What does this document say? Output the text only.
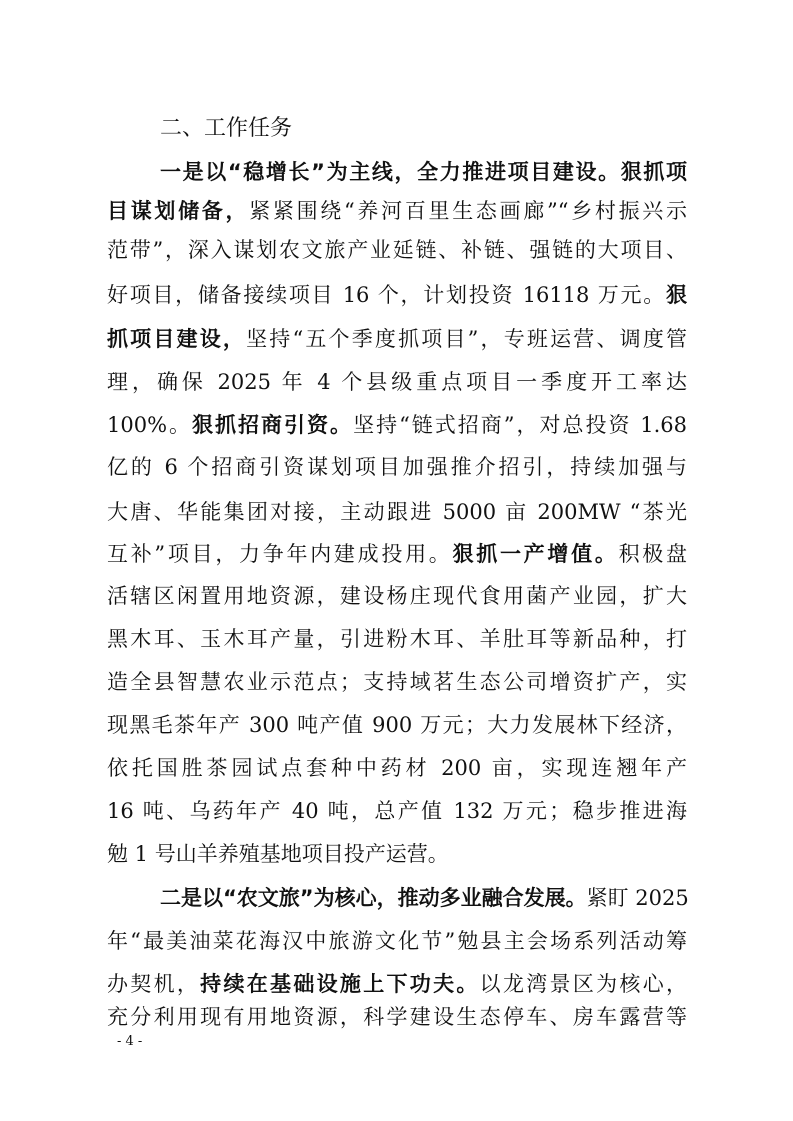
二、工作任务
一是以“稳增长”为主线，全力推进项目建设。狠抓项
目谋划储备，紧紧围绕“养河百里生态画廊”“乡村振兴示
范带”，深入谋划农文旅产业延链、补链、强链的大项目、
好项目，储备接续项目 16 个，计划投资 16118 万元。狠
抓项目建设，坚持“五个季度抓项目”，专班运营、调度管
理，确保 2025 年 4 个县级重点项目一季度开工率达
100%。狠抓招商引资。坚持“链式招商”，对总投资 1.68
亿的 6 个招商引资谋划项目加强推介招引，持续加强与
大唐、华能集团对接，主动跟进 5000 亩 200MW “茶光
互补”项目，力争年内建成投用。狠抓一产增值。积极盘
活辖区闲置用地资源，建设杨庄现代食用菌产业园，扩大
黑木耳、玉木耳产量，引进粉木耳、羊肚耳等新品种，打
造全县智慧农业示范点；支持域茗生态公司增资扩产，实
现黑毛茶年产 300 吨产值 900 万元；大力发展林下经济，
依托国胜茶园试点套种中药材 200 亩，实现连翘年产
16 吨、乌药年产 40 吨，总产值 132 万元；稳步推进海
勉 1 号山羊养殖基地项目投产运营。
二是以“农文旅”为核心，推动多业融合发展。紧盯 2025
年“最美油菜花海汉中旅游文化节”勉县主会场系列活动筹
办契机，持续在基础设施上下功夫。以龙湾景区为核心，
充分利用现有用地资源，科学建设生态停车、房车露营等
- 4 -
